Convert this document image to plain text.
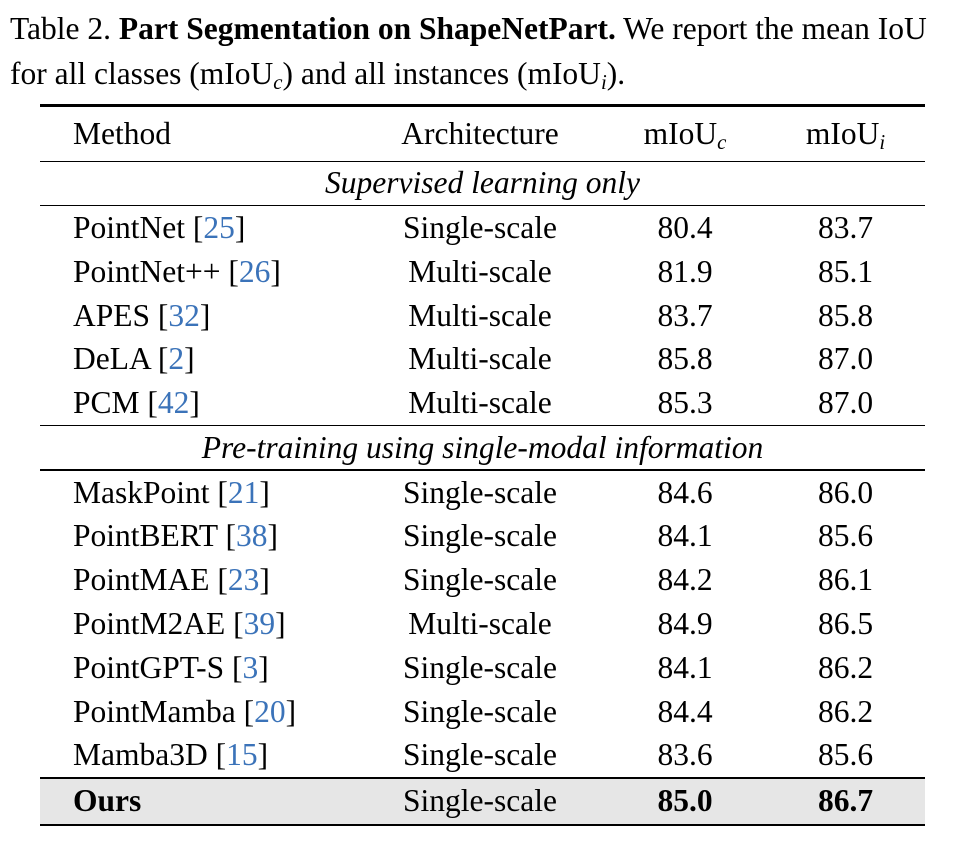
Table 2. Part Segmentation on ShapeNetPart. We report the mean IoU for all classes (mIoU$_c$) and all instances (mIoU$_i$).
Method	Architecture	mIoU$_c$	mIoU$_i$
Supervised learning only
PointNet [25]	Single-scale	80.4	83.7
PointNet++ [26]	Multi-scale	81.9	85.1
APES [32]	Multi-scale	83.7	85.8
DeLA [2]	Multi-scale	85.8	87.0
PCM [42]	Multi-scale	85.3	87.0
Pre-training using single-modal information
MaskPoint [21]	Single-scale	84.6	86.0
PointBERT [38]	Single-scale	84.1	85.6
PointMAE [23]	Single-scale	84.2	86.1
PointM2AE [39]	Multi-scale	84.9	86.5
PointGPT-S [3]	Single-scale	84.1	86.2
PointMamba [20]	Single-scale	84.4	86.2
Mamba3D [15]	Single-scale	83.6	85.6
Ours	Single-scale	85.0	86.7
